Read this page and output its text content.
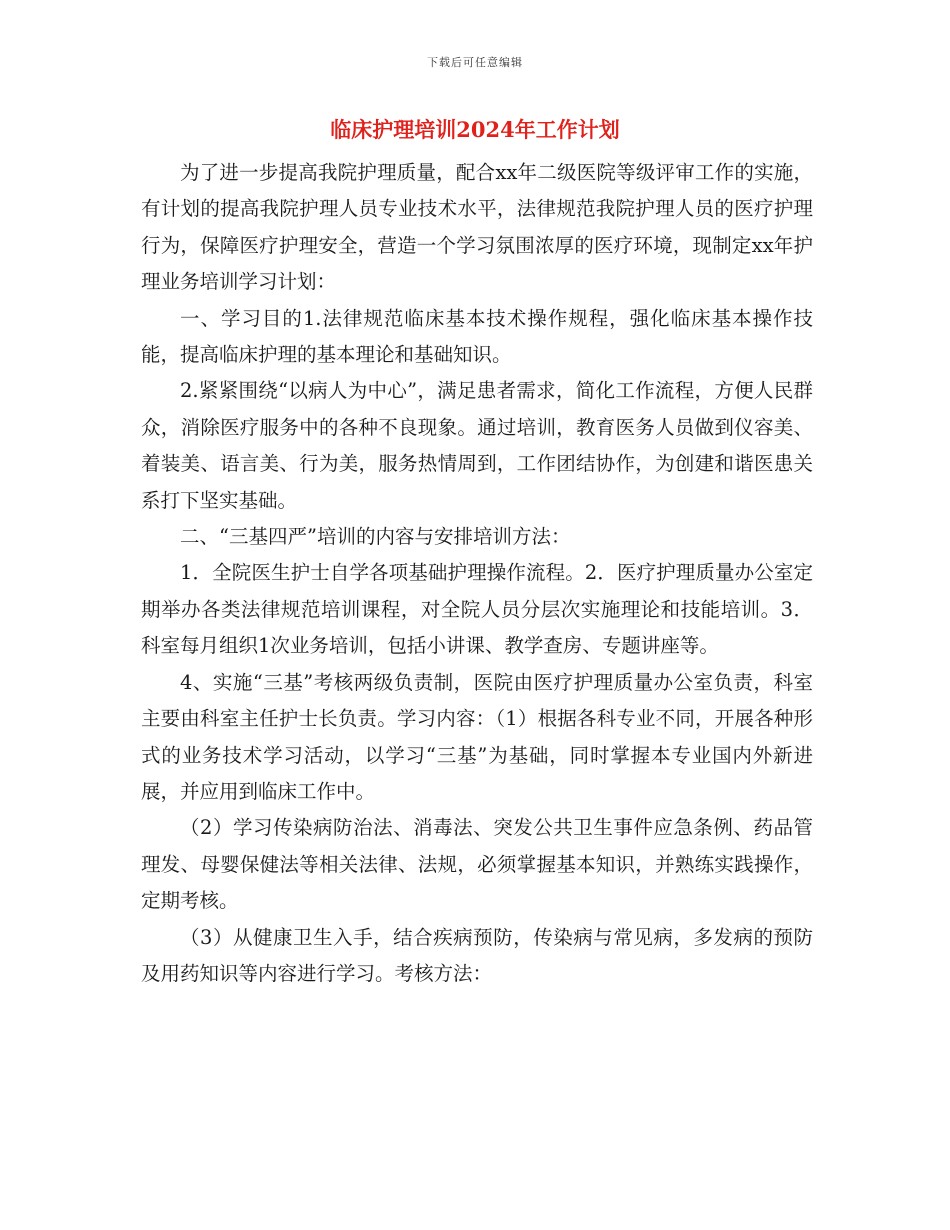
下载后可任意编辑
临床护理培训2024年工作计划

为了进一步提高我院护理质量，配合xx年二级医院等级评审工作的实施，有计划的提高我院护理人员专业技术水平，法律规范我院护理人员的医疗护理行为，保障医疗护理安全，营造一个学习氛围浓厚的医疗环境，现制定xx年护理业务培训学习计划：

一、学习目的1.法律规范临床基本技术操作规程，强化临床基本操作技能，提高临床护理的基本理论和基础知识。

2.紧紧围绕“以病人为中心”，满足患者需求，简化工作流程，方便人民群众，消除医疗服务中的各种不良现象。通过培训，教育医务人员做到仪容美、着装美、语言美、行为美，服务热情周到，工作团结协作，为创建和谐医患关系打下坚实基础。

二、“三基四严”培训的内容与安排培训方法：

1．全院医生护士自学各项基础护理操作流程。2．医疗护理质量办公室定期举办各类法律规范培训课程，对全院人员分层次实施理论和技能培训。3．科室每月组织1次业务培训，包括小讲课、教学查房、专题讲座等。

4、实施“三基”考核两级负责制，医院由医疗护理质量办公室负责，科室主要由科室主任护士长负责。学习内容：（1）根据各科专业不同，开展各种形式的业务技术学习活动，以学习“三基”为基础，同时掌握本专业国内外新进展，并应用到临床工作中。

（2）学习传染病防治法、消毒法、突发公共卫生事件应急条例、药品管理发、母婴保健法等相关法律、法规，必须掌握基本知识，并熟练实践操作，定期考核。

（3）从健康卫生入手，结合疾病预防，传染病与常见病，多发病的预防及用药知识等内容进行学习。考核方法：
